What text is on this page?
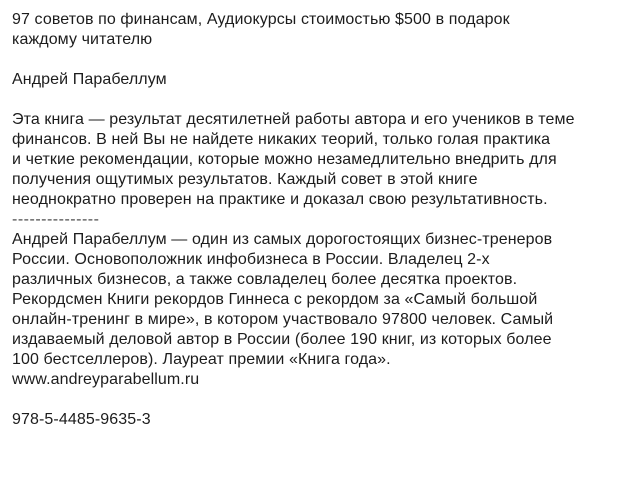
97 советов по финансам, Аудиокурсы стоимостью $500 в подарок
каждому читателю
Андрей Парабеллум
Эта книга — результат десятилетней работы автора и его учеников в теме
финансов. В ней Вы не найдете никаких теорий, только голая практика
и четкие рекомендации, которые можно незамедлительно внедрить для
получения ощутимых результатов. Каждый совет в этой книге
неоднократно проверен на практике и доказал свою результативность.
---------------
Андрей Парабеллум — один из самых дорогостоящих бизнес-тренеров
России. Основоположник инфобизнеса в России. Владелец 2-х
различных бизнесов, а также совладелец более десятка проектов.
Рекордсмен Книги рекордов Гиннеса с рекордом за «Самый большой
онлайн-тренинг в мире», в котором участвовало 97800 человек. Самый
издаваемый деловой автор в России (более 190 книг, из которых более
100 бестселлеров). Лауреат премии «Книга года».
www.andreyparabellum.ru
978-5-4485-9635-3
